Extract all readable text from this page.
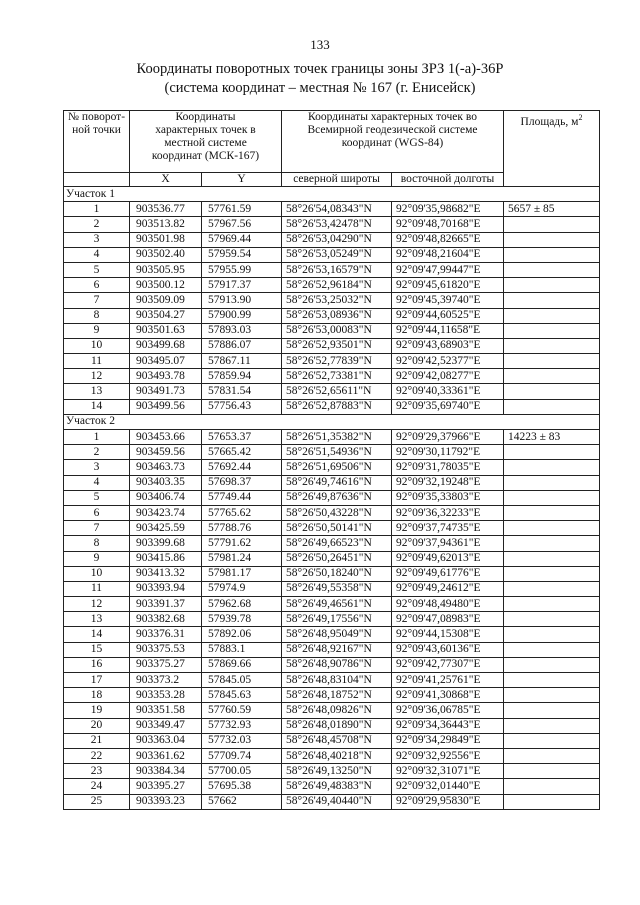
133
Координаты поворотных точек границы зоны ЗРЗ 1(-а)-36Р
(система координат – местная № 167 (г. Енисейск)
№ поворот-ной точки	Координаты характерных точек в местной системе координат (МСК-167)		Координаты характерных точек во Всемирной геодезической системе координат (WGS-84)		Площадь, $м^2$
	X	Y	северной широты	восточной долготы	
Участок 1					
1	903536.77	57761.59	58°26'54,08343"N	92°09'35,98682"E	5657 ± 85
2	903513.82	57967.56	58°26'53,42478"N	92°09'48,70168"E	
3	903501.98	57969.44	58°26'53,04290"N	92°09'48,82665"E	
4	903502.40	57959.54	58°26'53,05249"N	92°09'48,21604"E	
5	903505.95	57955.99	58°26'53,16579"N	92°09'47,99447"E	
6	903500.12	57917.37	58°26'52,96184"N	92°09'45,61820"E	
7	903509.09	57913.90	58°26'53,25032"N	92°09'45,39740"E	
8	903504.27	57900.99	58°26'53,08936"N	92°09'44,60525"E	
9	903501.63	57893.03	58°26'53,00083"N	92°09'44,11658"E	
10	903499.68	57886.07	58°26'52,93501"N	92°09'43,68903"E	
11	903495.07	57867.11	58°26'52,77839"N	92°09'42,52377"E	
12	903493.78	57859.94	58°26'52,73381"N	92°09'42,08277"E	
13	903491.73	57831.54	58°26'52,65611"N	92°09'40,33361"E	
14	903499.56	57756.43	58°26'52,87883"N	92°09'35,69740"E	
Участок 2					
1	903453.66	57653.37	58°26'51,35382"N	92°09'29,37966"E	14223 ± 83
2	903459.56	57665.42	58°26'51,54936"N	92°09'30,11792"E	
3	903463.73	57692.44	58°26'51,69506"N	92°09'31,78035"E	
4	903403.35	57698.37	58°26'49,74616"N	92°09'32,19248"E	
5	903406.74	57749.44	58°26'49,87636"N	92°09'35,33803"E	
6	903423.74	57765.62	58°26'50,43228"N	92°09'36,32233"E	
7	903425.59	57788.76	58°26'50,50141"N	92°09'37,74735"E	
8	903399.68	57791.62	58°26'49,66523"N	92°09'37,94361"E	
9	903415.86	57981.24	58°26'50,26451"N	92°09'49,62013"E	
10	903413.32	57981.17	58°26'50,18240"N	92°09'49,61776"E	
11	903393.94	57974.9	58°26'49,55358"N	92°09'49,24612"E	
12	903391.37	57962.68	58°26'49,46561"N	92°09'48,49480"E	
13	903382.68	57939.78	58°26'49,17556"N	92°09'47,08983"E	
14	903376.31	57892.06	58°26'48,95049"N	92°09'44,15308"E	
15	903375.53	57883.1	58°26'48,92167"N	92°09'43,60136"E	
16	903375.27	57869.66	58°26'48,90786"N	92°09'42,77307"E	
17	903373.2	57845.05	58°26'48,83104"N	92°09'41,25761"E	
18	903353.28	57845.63	58°26'48,18752"N	92°09'41,30868"E	
19	903351.58	57760.59	58°26'48,09826"N	92°09'36,06785"E	
20	903349.47	57732.93	58°26'48,01890"N	92°09'34,36443"E	
21	903363.04	57732.03	58°26'48,45708"N	92°09'34,29849"E	
22	903361.62	57709.74	58°26'48,40218"N	92°09'32,92556"E	
23	903384.34	57700.05	58°26'49,13250"N	92°09'32,31071"E	
24	903395.27	57695.38	58°26'49,48383"N	92°09'32,01440"E	
25	903393.23	57662	58°26'49,40440"N	92°09'29,95830"E	
